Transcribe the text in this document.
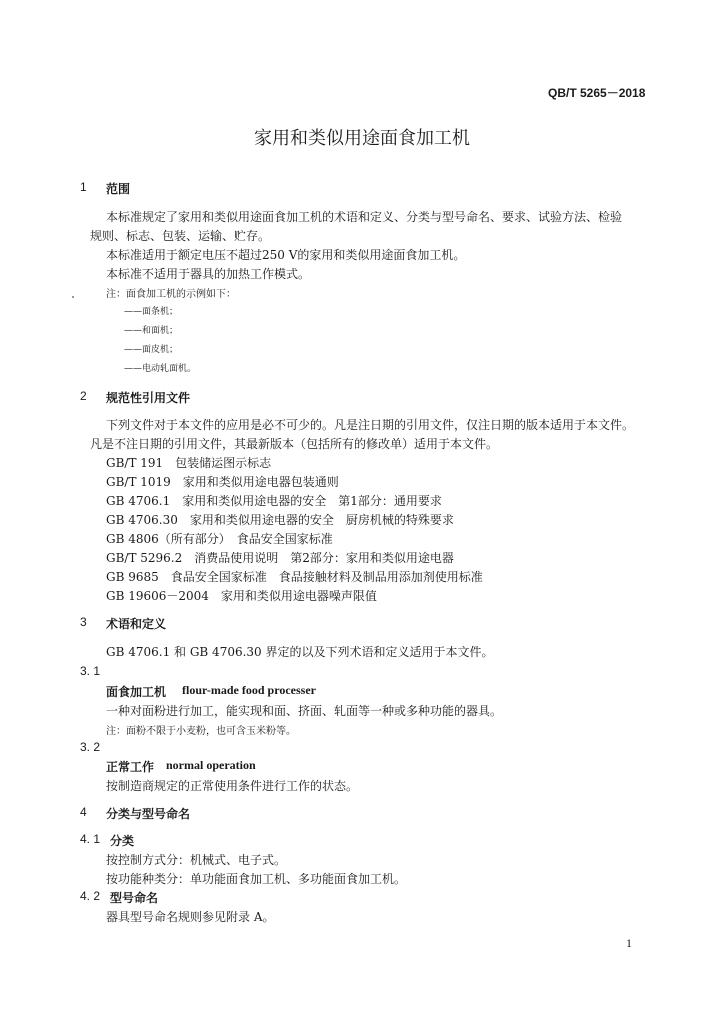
QB/T 5265－2018
家用和类似用途面食加工机
1 范围
本标准规定了家用和类似用途面食加工机的术语和定义、分类与型号命名、要求、试验方法、检验
规则、标志、包装、运输、贮存。
本标准适用于额定电压不超过250 V的家用和类似用途面食加工机。
本标准不适用于器具的加热工作模式。
注：面食加工机的示例如下：
——面条机；
——和面机；
——面皮机；
——电动轧面机。
2 规范性引用文件
下列文件对于本文件的应用是必不可少的。凡是注日期的引用文件，仅注日期的版本适用于本文件。
凡是不注日期的引用文件，其最新版本（包括所有的修改单）适用于本文件。
GB/T 191　包装储运图示标志
GB/T 1019　家用和类似用途电器包装通则
GB 4706.1　家用和类似用途电器的安全　第1部分：通用要求
GB 4706.30　家用和类似用途电器的安全　厨房机械的特殊要求
GB 4806（所有部分）　食品安全国家标准
GB/T 5296.2　消费品使用说明　第2部分：家用和类似用途电器
GB 9685　食品安全国家标准　食品接触材料及制品用添加剂使用标准
GB 19606－2004　家用和类似用途电器噪声限值
3 术语和定义
GB 4706.1 和 GB 4706.30 界定的以及下列术语和定义适用于本文件。
3. 1
面食加工机 flour-made food processer
一种对面粉进行加工，能实现和面、挤面、轧面等一种或多种功能的器具。
注：面粉不限于小麦粉，也可含玉米粉等。
3. 2
正常工作 normal operation
按制造商规定的正常使用条件进行工作的状态。
4 分类与型号命名
4. 1 分类
按控制方式分：机械式、电子式。
按功能种类分：单功能面食加工机、多功能面食加工机。
4. 2 型号命名
器具型号命名规则参见附录 A。
1
